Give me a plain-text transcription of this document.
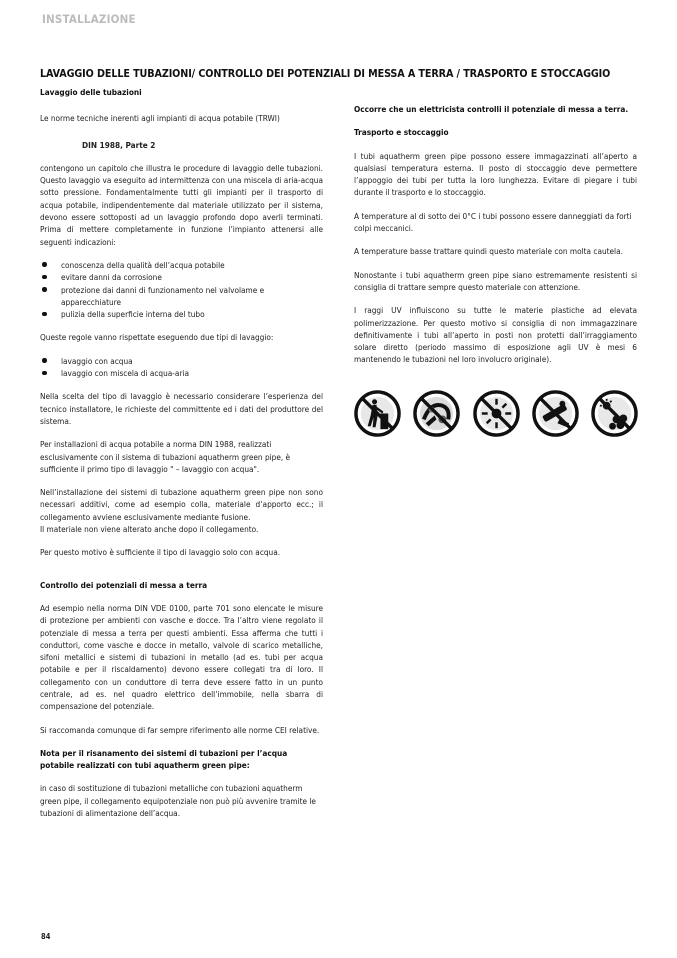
INSTALLAZIONE
LAVAGGIO DELLE TUBAZIONI/ CONTROLLO DEI POTENZIALI DI MESSA A TERRA / TRASPORTO E STOCCAGGIO

Lavaggio delle tubazioni

Le norme tecniche inerenti agli impianti di acqua potabile (TRWI)

DIN 1988, Parte 2

contengono un capitolo che illustra le procedure di lavaggio delle tubazioni. Questo lavaggio va eseguito ad intermittenza con una miscela di aria-acqua sotto pressione. Fondamentalmente tutti gli impianti per il trasporto di acqua potabile, indipendentemente dal materiale utilizzato per il sistema, devono essere sottoposti ad un lavaggio profondo dopo averli terminati. Prima di mettere completamente in funzione l’impianto attenersi alle seguenti indicazioni:

conoscenza della qualità dell’acqua potabile
evitare danni da corrosione
protezione dai danni di funzionamento nel valvolame e apparecchiature
pulizia della superficie interna del tubo

Queste regole vanno rispettate eseguendo due tipi di lavaggio:

lavaggio con acqua
lavaggio con miscela di acqua-aria

Nella scelta del tipo di lavaggio è necessario considerare l’esperienza del tecnico installatore, le richieste del committente ed i dati del produttore del sistema.

Per installazioni di acqua potabile a norma DIN 1988, realizzati esclusivamente con il sistema di tubazioni aquatherm green pipe, è sufficiente il primo tipo di lavaggio " – lavaggio con acqua".

Nell’installazione dei sistemi di tubazione aquatherm green pipe non sono necessari additivi, come ad esempio colla, materiale d’apporto ecc.; il collegamento avviene esclusivamente mediante fusione.

Il materiale non viene alterato anche dopo il collegamento.

Per questo motivo è sufficiente il tipo di lavaggio solo con acqua.

Controllo dei potenziali di messa a terra

Ad esempio nella norma DIN VDE 0100, parte 701 sono elencate le misure di protezione per ambienti con vasche e docce. Tra l’altro viene regolato il potenziale di messa a terra per questi ambienti. Essa afferma che tutti i conduttori, come vasche e docce in metallo, valvole di scarico metalliche, sifoni metallici e sistemi di tubazioni in metallo (ad es. tubi per acqua potabile e per il riscaldamento) devono essere collegati tra di loro. Il collegamento con un conduttore di terra deve essere fatto in un punto centrale, ad es. nel quadro elettrico dell’immobile, nella sbarra di compensazione del potenziale.

Si raccomanda comunque di far sempre riferimento alle norme CEI relative.

Nota per il risanamento dei sistemi di tubazioni per l’acqua potabile realizzati con tubi aquatherm green pipe:

in caso di sostituzione di tubazioni metalliche con tubazioni aquatherm green pipe, il collegamento equipotenziale non può più avvenire tramite le tubazioni di alimentazione dell’acqua.

Occorre che un elettricista controlli il potenziale di messa a terra.

Trasporto e stoccaggio

I tubi aquatherm green pipe possono essere immagazzinati all’aperto a qualsiasi temperatura esterna. Il posto di stoccaggio deve permettere l’appoggio dei tubi per tutta la loro lunghezza. Evitare di piegare i tubi durante il trasporto e lo stoccaggio.

A temperature al di sotto dei 0°C i tubi possono essere danneggiati da forti colpi meccanici.

A temperature basse trattare quindi questo materiale con molta cautela.

Nonostante i tubi aquatherm green pipe siano estremamente resistenti si consiglia di trattare sempre questo materiale con attenzione.

I raggi UV influiscono su tutte le materie plastiche ad elevata polimerizzazione. Per questo motivo si consiglia di non immagazzinare definitivamente i tubi all’aperto in posti non protetti dall’irraggiamento solare diretto (periodo massimo di esposizione agli UV è mesi 6 mantenendo le tubazioni nel loro involucro originale).

84
